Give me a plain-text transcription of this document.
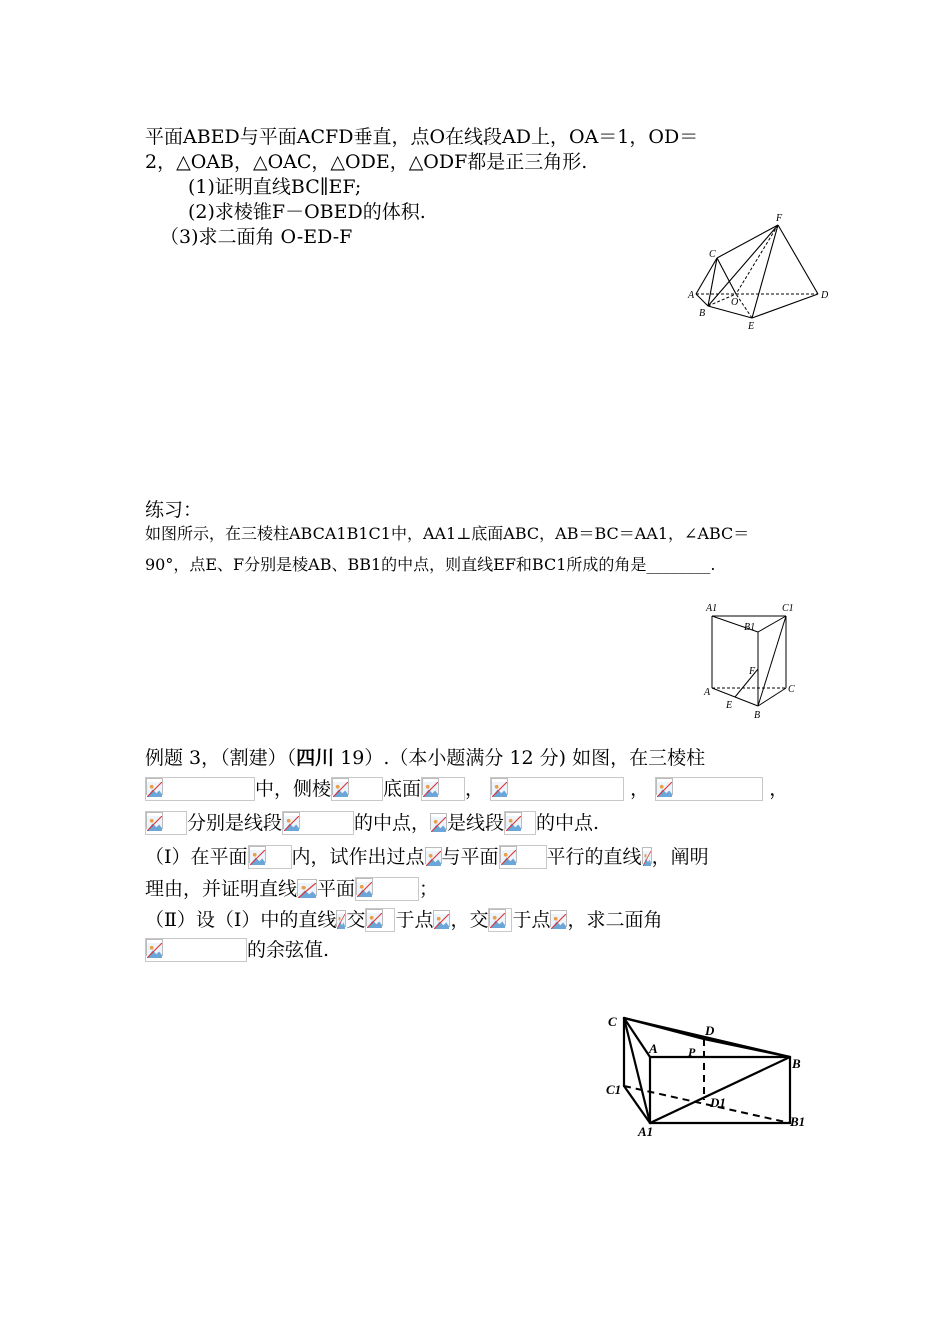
平面ABED与平面ACFD垂直，点O在线段AD上，OA＝1，OD＝
2，△OAB，△OAC，△ODE，△ODF都是正三角形.
(1)证明直线BC∥EF;
(2)求棱锥F－OBED的体积.
（3)求二面角 O-ED-F
F
C
A
O
D
B
E
练习：
如图所示，在三棱柱ABCA1B1C1中，AA1⊥底面ABC，AB＝BC＝AA1，∠ABC＝
90°，点E、F分别是棱AB、BB1的中点，则直线EF和BC1所成的角是________.
A1	C1
B1
F
A	C
E
B
例题 3，（割建）（四川 19）.（本小题满分 12 分) 如图，在三棱柱
中，侧棱	底面 ，	，	，
分别是线段	的中点， 是线段 的中点.
（Ⅰ）在平面 内，试作出过点 与平面	平行的直线 ，阐明
理由，并证明直线 平面	；
（Ⅱ）设（Ⅰ）中的直线 交 于点 ，交 于点 ，求二面角
的余弦值.
C
D
A	P
B
C1
D1
A1
B1
